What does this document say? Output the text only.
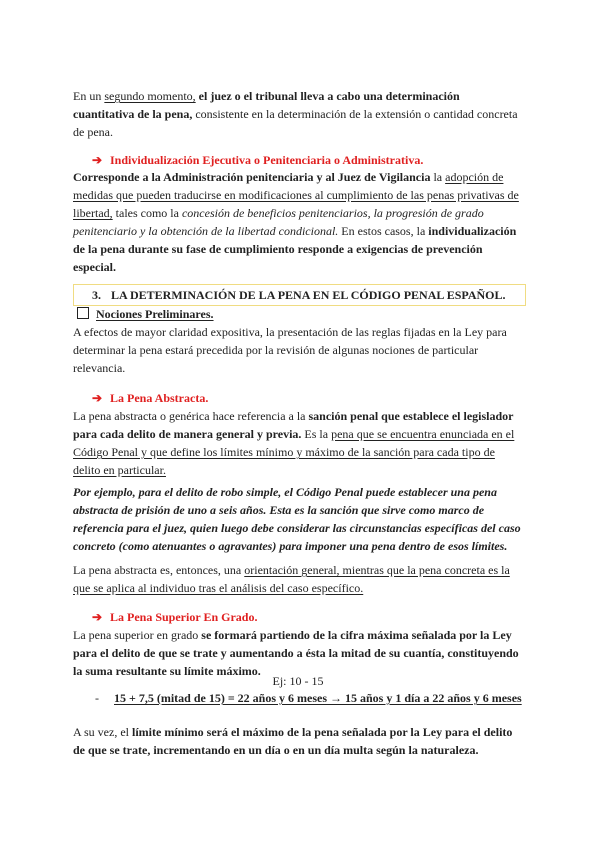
En un segundo momento, el juez o el tribunal lleva a cabo una determinación cuantitativa de la pena, consistente en la determinación de la extensión o cantidad concreta de pena.

➔ Individualización Ejecutiva o Penitenciaria o Administrativa.

Corresponde a la Administración penitenciaria y al Juez de Vigilancia la adopción de medidas que pueden traducirse en modificaciones al cumplimiento de las penas privativas de libertad, tales como la concesión de beneficios penitenciarios, la progresión de grado penitenciario y la obtención de la libertad condicional. En estos casos, la individualización de la pena durante su fase de cumplimiento responde a exigencias de prevención especial.

3. LA DETERMINACIÓN DE LA PENA EN EL CÓDIGO PENAL ESPAÑOL.
Nociones Preliminares.

A efectos de mayor claridad expositiva, la presentación de las reglas fijadas en la Ley para determinar la pena estará precedida por la revisión de algunas nociones de particular relevancia.

➔ La Pena Abstracta.

La pena abstracta o genérica hace referencia a la sanción penal que establece el legislador para cada delito de manera general y previa. Es la pena que se encuentra enunciada en el Código Penal y que define los límites mínimo y máximo de la sanción para cada tipo de delito en particular.

Por ejemplo, para el delito de robo simple, el Código Penal puede establecer una pena abstracta de prisión de uno a seis años. Esta es la sanción que sirve como marco de referencia para el juez, quien luego debe considerar las circunstancias específicas del caso concreto (como atenuantes o agravantes) para imponer una pena dentro de esos límites.

La pena abstracta es, entonces, una orientación general, mientras que la pena concreta es la que se aplica al individuo tras el análisis del caso específico.

➔ La Pena Superior En Grado.

La pena superior en grado se formará partiendo de la cifra máxima señalada por la Ley para el delito de que se trate y aumentando a ésta la mitad de su cuantía, constituyendo la suma resultante su límite máximo.

Ej: 10 - 15
- 15 + 7,5 (mitad de 15) = 22 años y 6 meses → 15 años y 1 día a 22 años y 6 meses

A su vez, el límite mínimo será el máximo de la pena señalada por la Ley para el delito de que se trate, incrementando en un día o en un día multa según la naturaleza.
